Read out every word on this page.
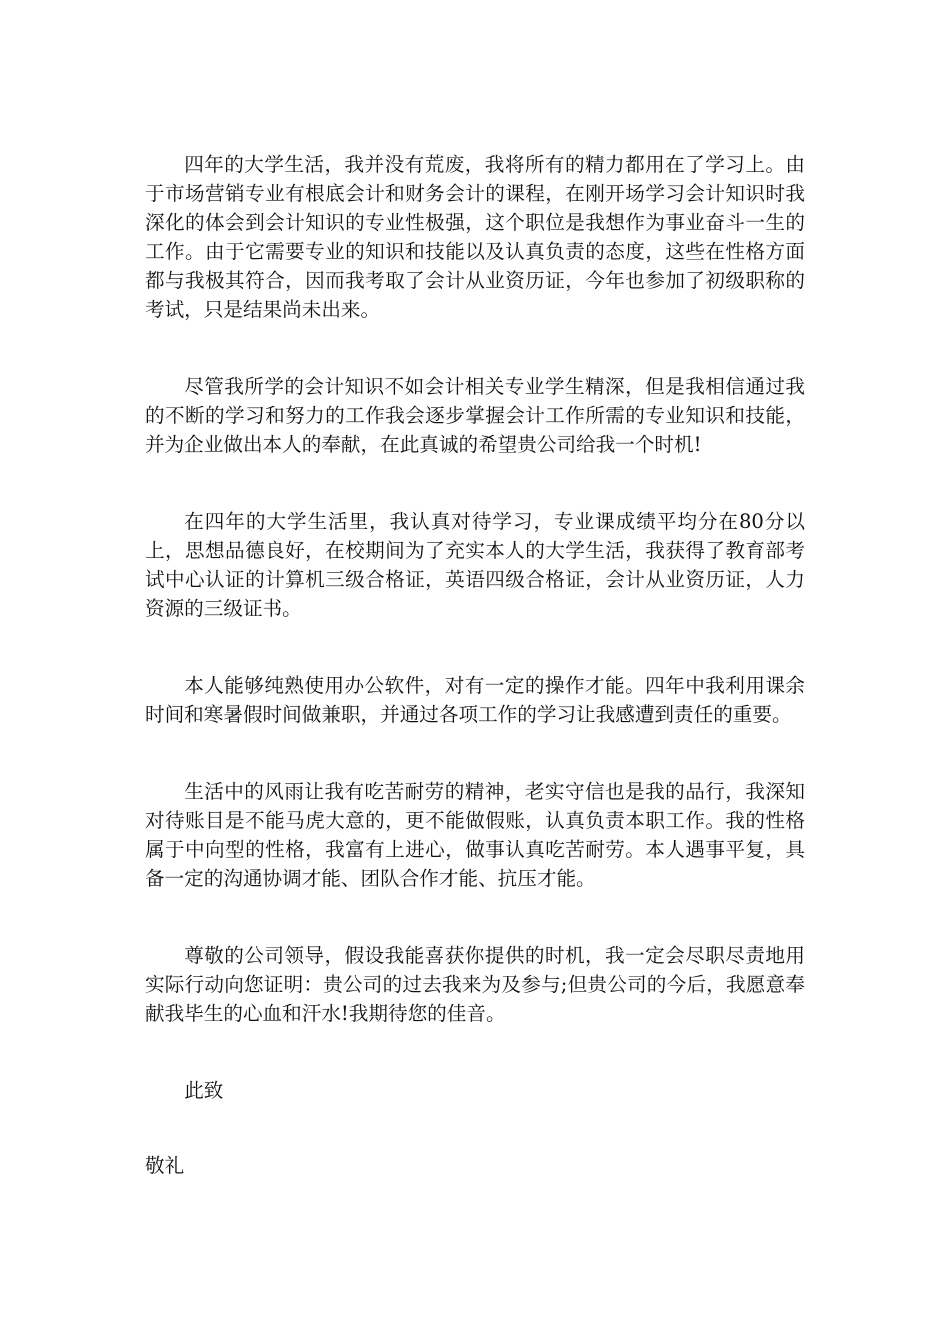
四年的大学生活，我并没有荒废，我将所有的精力都用在了学习上。由于市场营销专业有根底会计和财务会计的课程，在刚开场学习会计知识时我深化的体会到会计知识的专业性极强，这个职位是我想作为事业奋斗一生的工作。由于它需要专业的知识和技能以及认真负责的态度，这些在性格方面都与我极其符合，因而我考取了会计从业资历证，今年也参加了初级职称的考试，只是结果尚未出来。

尽管我所学的会计知识不如会计相关专业学生精深，但是我相信通过我的不断的学习和努力的工作我会逐步掌握会计工作所需的专业知识和技能，并为企业做出本人的奉献，在此真诚的希望贵公司给我一个时机!

在四年的大学生活里，我认真对待学习，专业课成绩平均分在80分以上，思想品德良好，在校期间为了充实本人的大学生活，我获得了教育部考试中心认证的计算机三级合格证，英语四级合格证，会计从业资历证，人力资源的三级证书。

本人能够纯熟使用办公软件，对有一定的操作才能。四年中我利用课余时间和寒暑假时间做兼职，并通过各项工作的学习让我感遭到责任的重要。

生活中的风雨让我有吃苦耐劳的精神，老实守信也是我的品行，我深知对待账目是不能马虎大意的，更不能做假账，认真负责本职工作。我的性格属于中向型的性格，我富有上进心，做事认真吃苦耐劳。本人遇事平复，具备一定的沟通协调才能、团队合作才能、抗压才能。

尊敬的公司领导，假设我能喜获你提供的时机，我一定会尽职尽责地用实际行动向您证明：贵公司的过去我来为及参与;但贵公司的今后，我愿意奉献我毕生的心血和汗水!我期待您的佳音。

此致

敬礼
